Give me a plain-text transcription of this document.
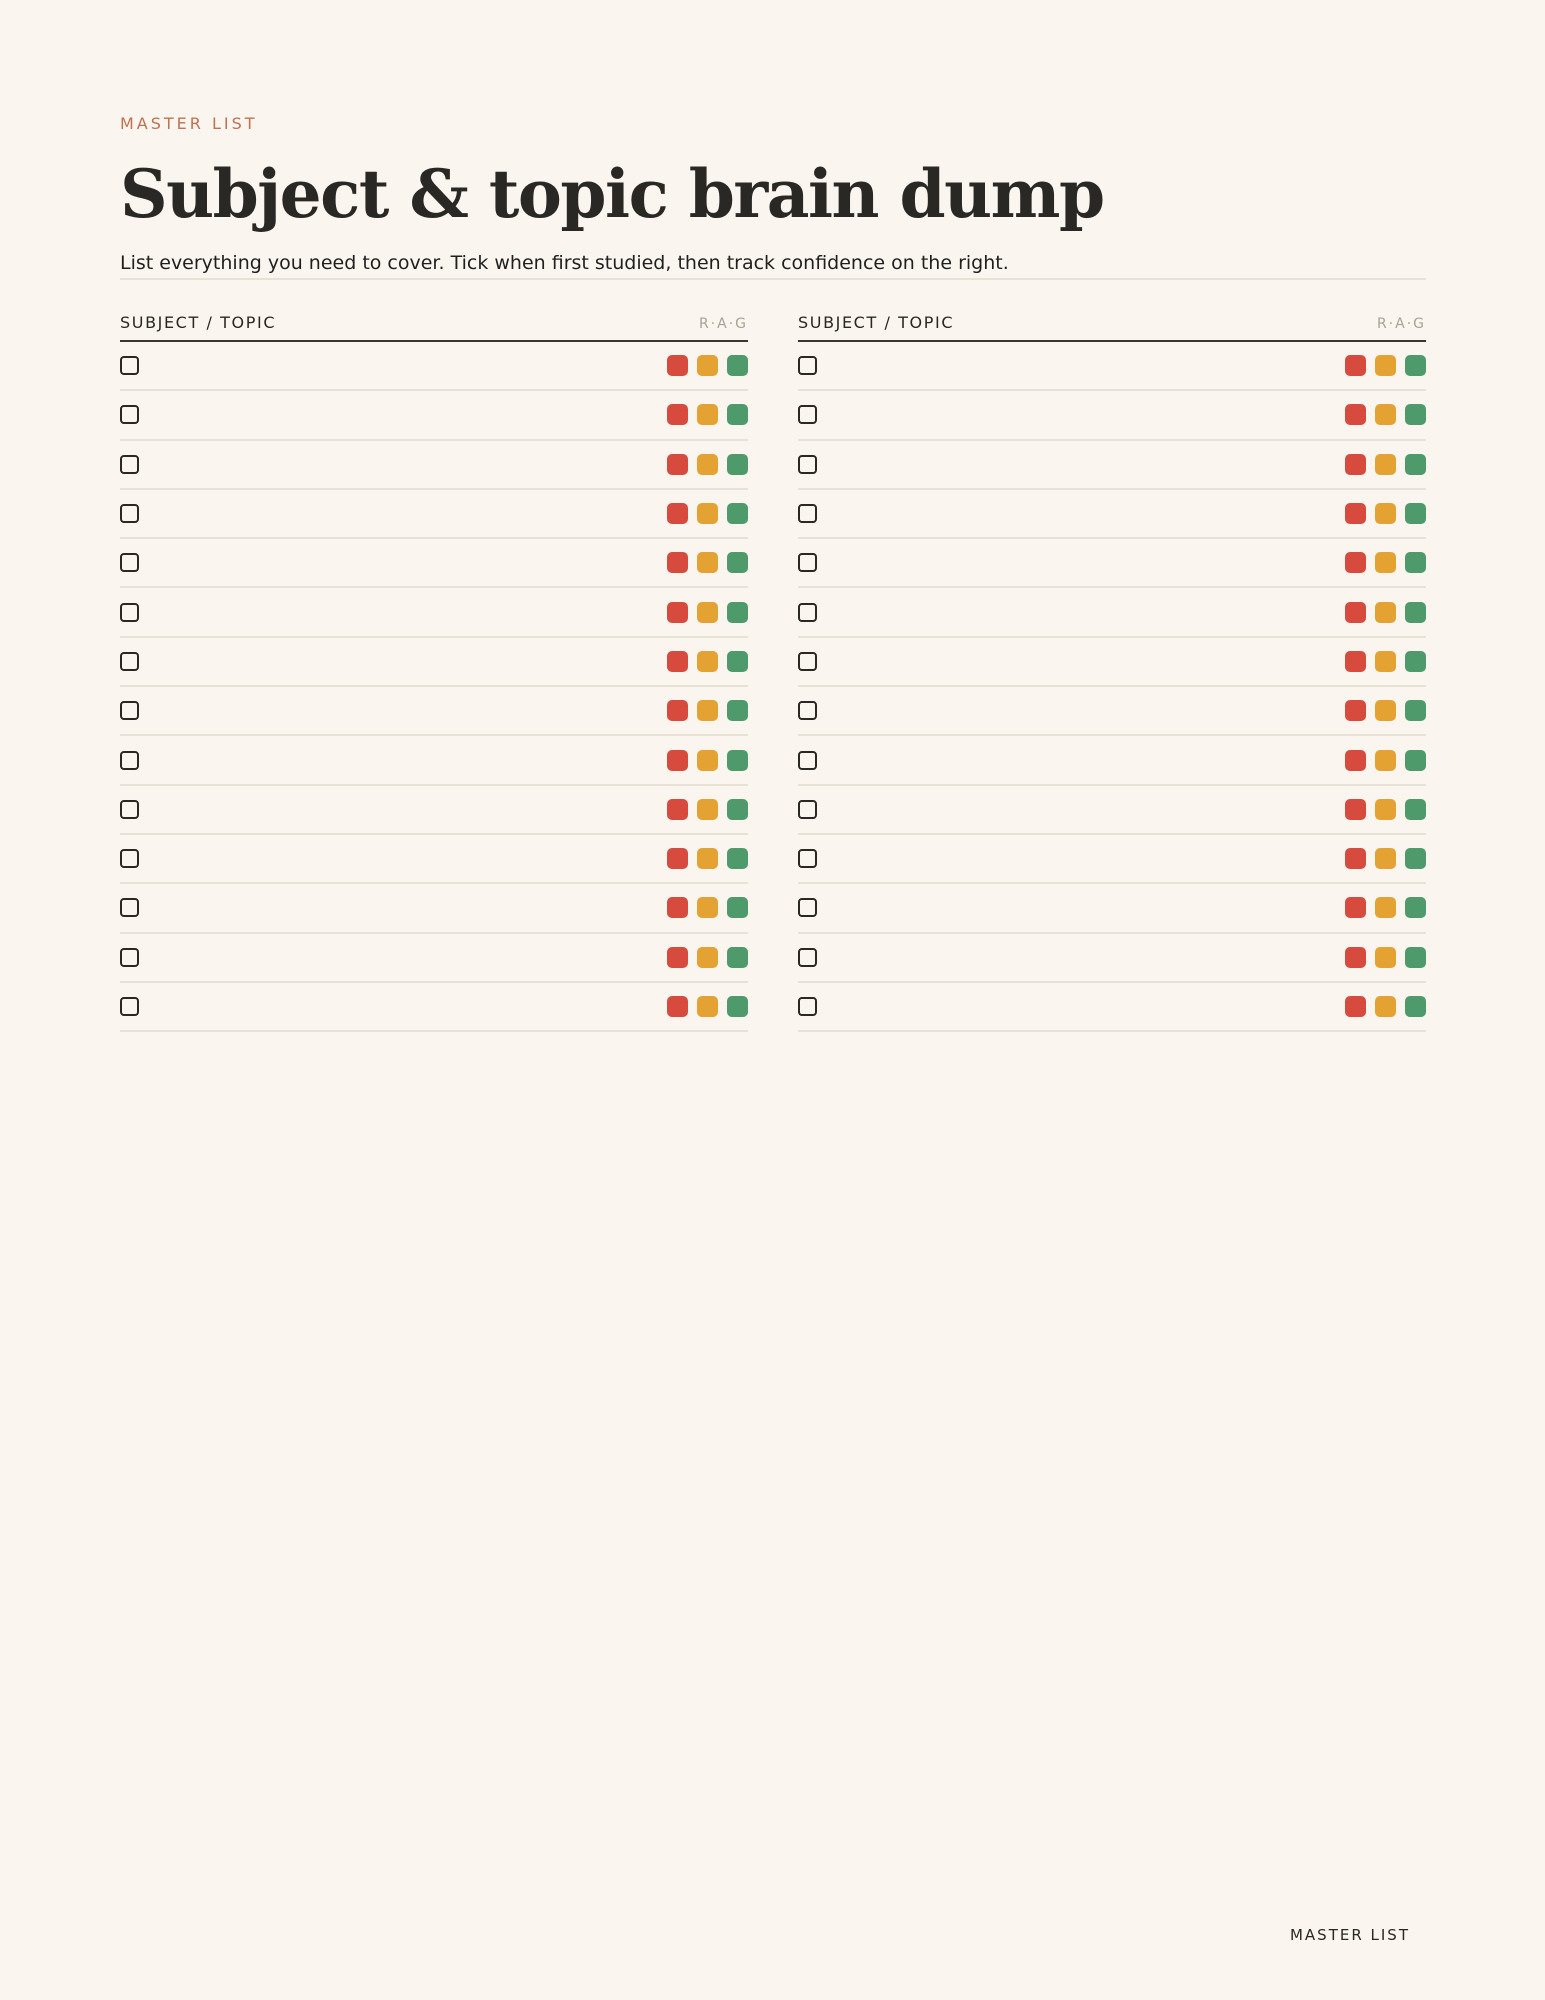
MASTER LIST
Subject & topic brain dump
List everything you need to cover. Tick when first studied, then track confidence on the right.
SUBJECT / TOPIC	R·A·G	SUBJECT / TOPIC	R·A·G
MASTER LIST
